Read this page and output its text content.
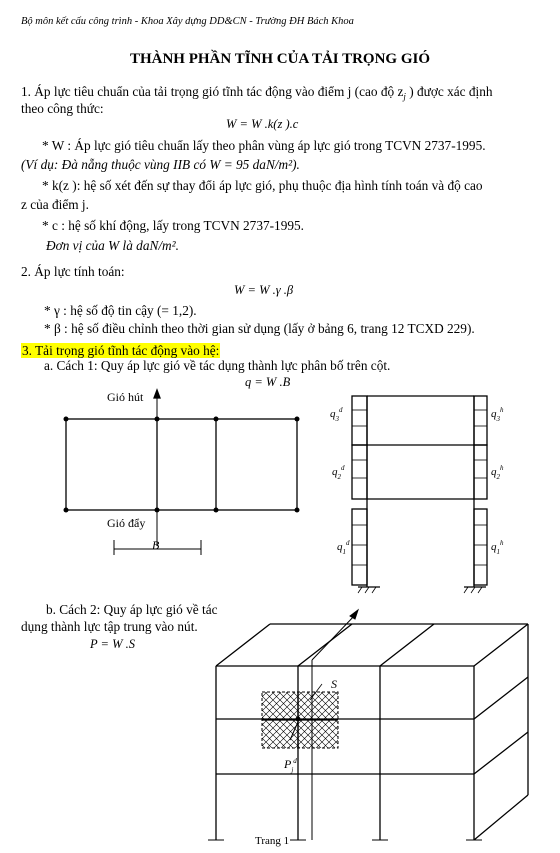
Bộ môn kết cấu công trình - Khoa Xây dựng DD&CN - Trường ĐH Bách Khoa
THÀNH PHẦN TĨNH CỦA TẢI TRỌNG GIÓ
1. Áp lực tiêu chuẩn của tải trọng gió tĩnh tác động vào điểm j (cao độ $z_j$ ) được xác định
theo công thức:
W = W .k(z ).c
* W : Áp lực gió tiêu chuẩn lấy theo phân vùng áp lực gió trong TCVN 2737-1995.
(Ví dụ: Đà nẵng thuộc vùng IIB có W = 95 daN/m²).
* k(z ): hệ số xét đến sự thay đổi áp lực gió, phụ thuộc địa hình tính toán và độ cao
z của điểm j.
* c : hệ số khí động, lấy trong TCVN 2737-1995.
Đơn vị của W là daN/m².
2. Áp lực tính toán:
W = W .γ .β
* γ : hệ số độ tin cậy (= 1,2).
* β : hệ số điều chỉnh theo thời gian sử dụng (lấy ở bảng 6, trang 12 TCXD 229).
3. Tải trọng gió tĩnh tác động vào hệ:
a. Cách 1: Quy áp lực gió về tác dụng thành lực phân bố trên cột.
q = W .B
Gió hút
Gió đẩy
B
$q_3^d$
$q_2^d$
$q_1^d$
$q_3^h$
$q_2^h$
$q_1^h$
S
$P_j^d$
b. Cách 2: Quy áp lực gió về tác
dụng thành lực tập trung vào nút.
P = W .S
Trang 1
